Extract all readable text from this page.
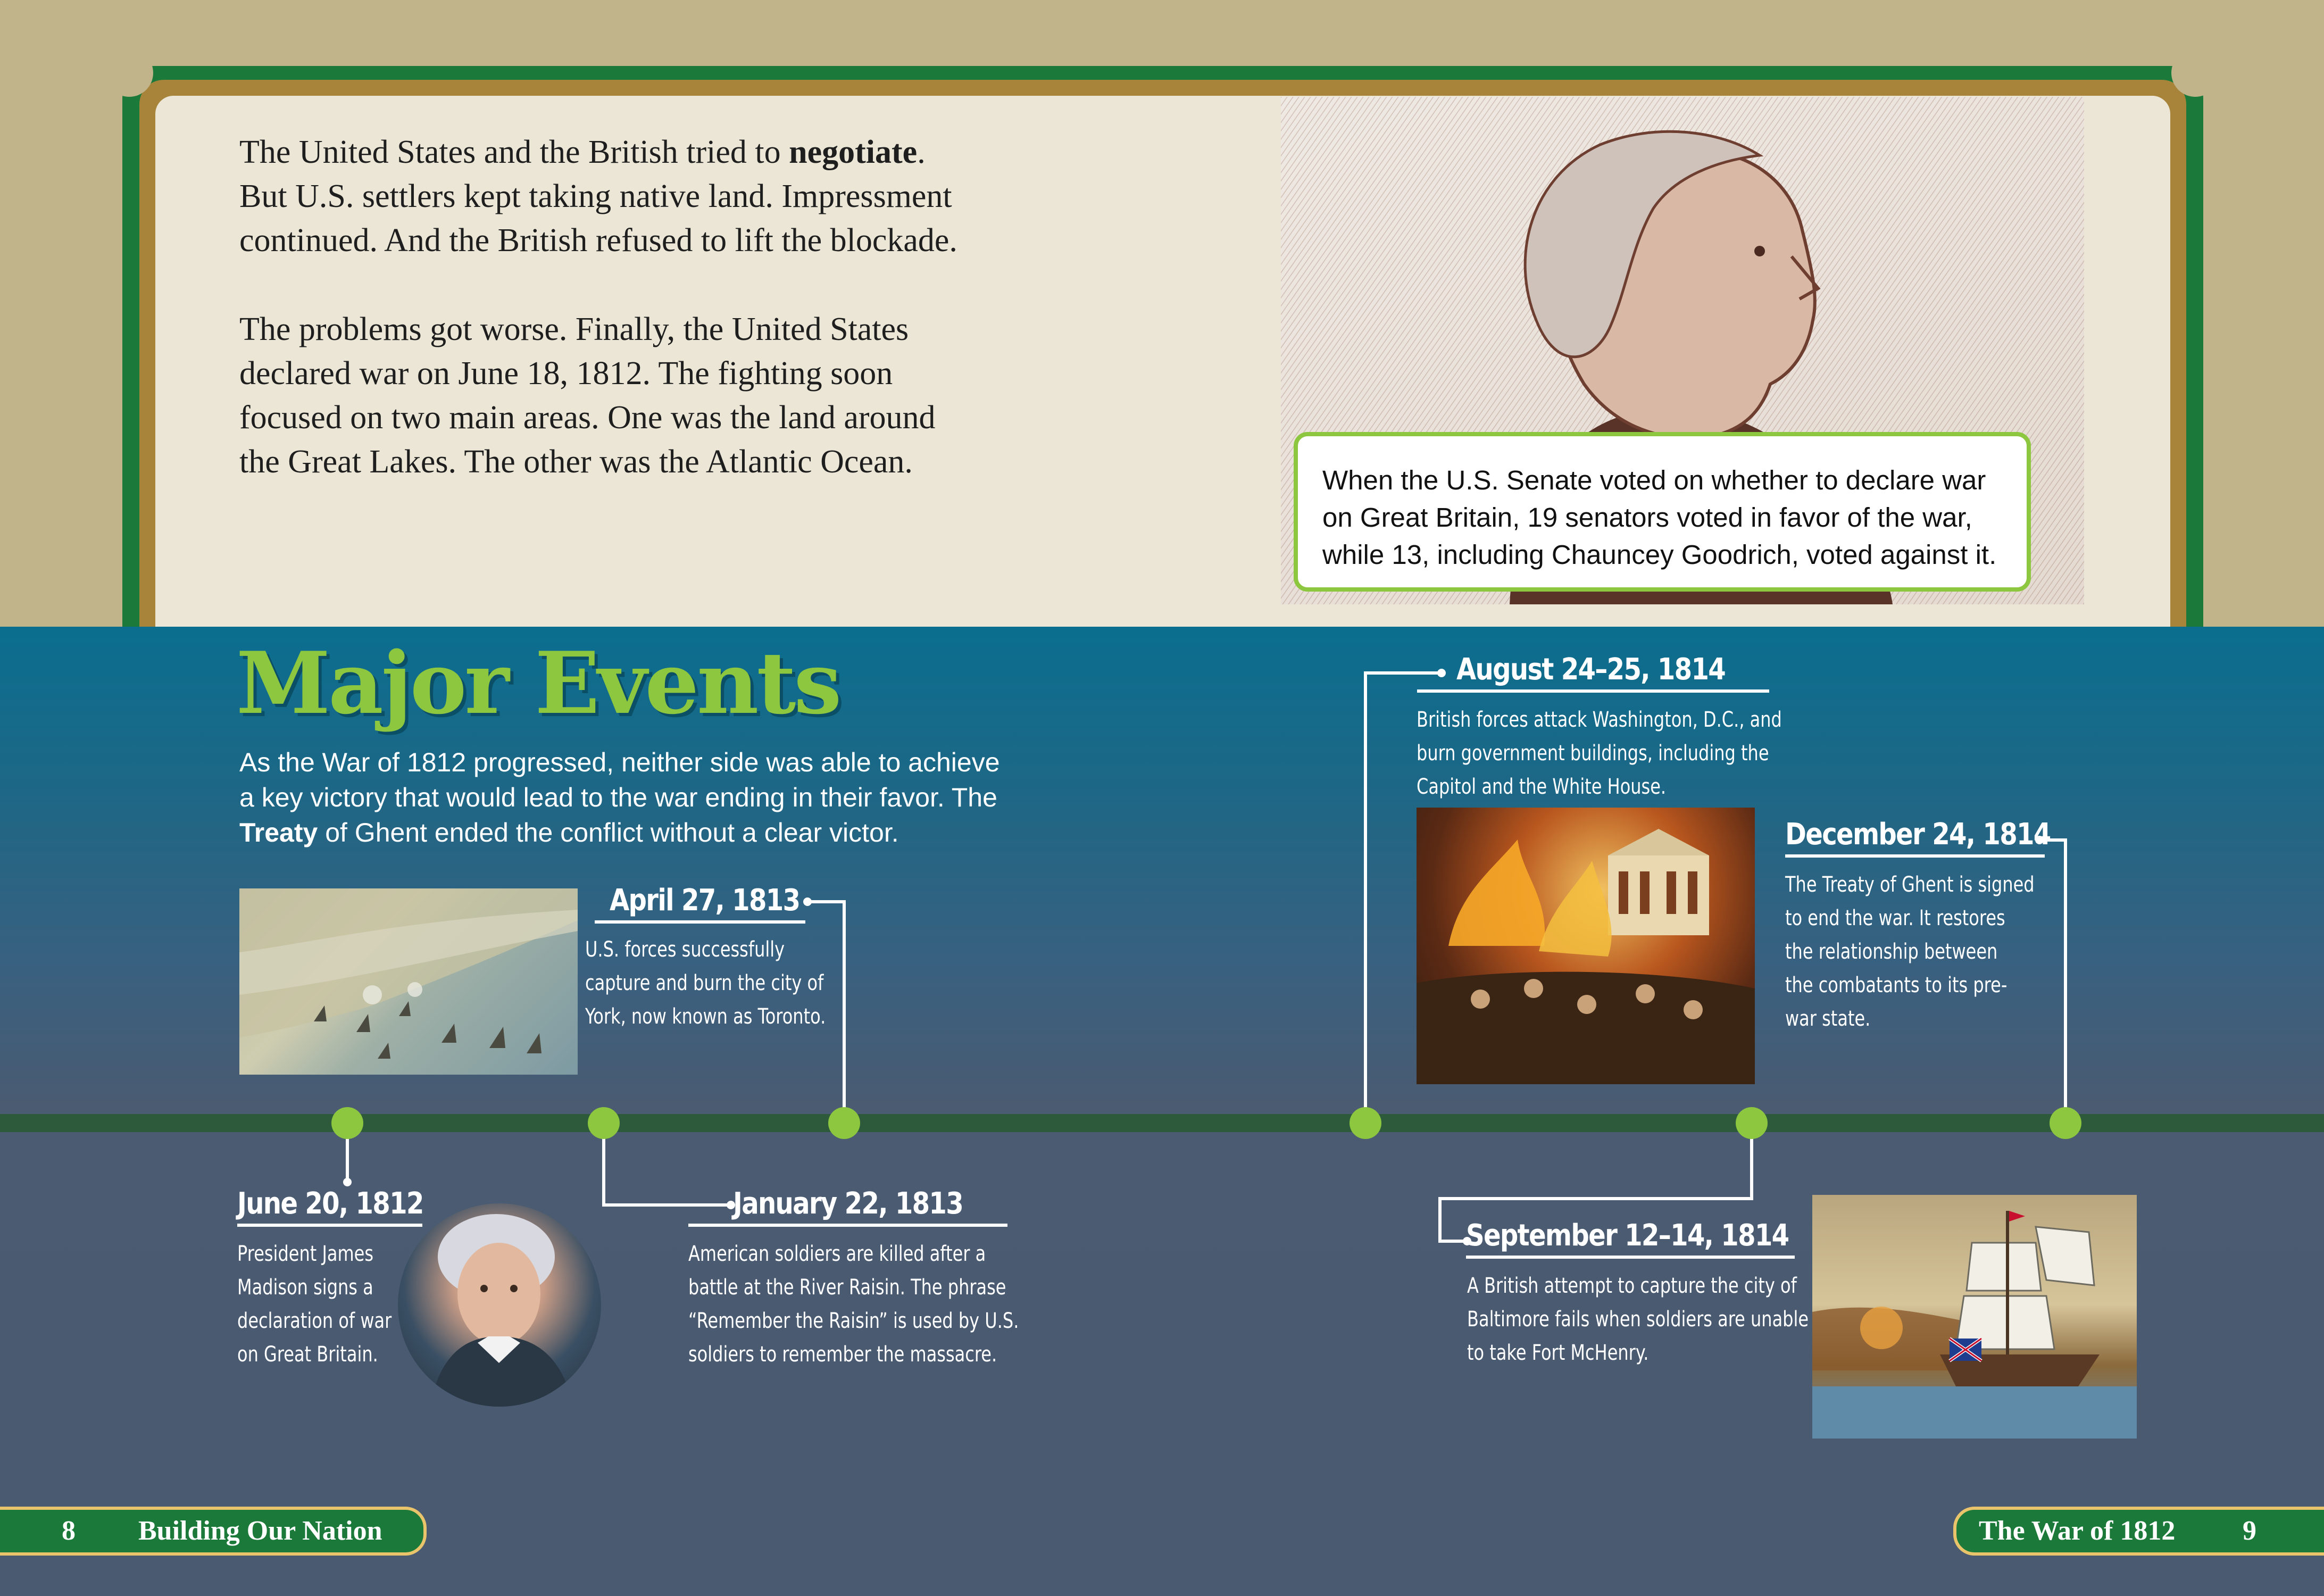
The United States and the British tried to negotiate. But U.S. settlers kept taking native land. Impressment continued. And the British refused to lift the blockade.

The problems got worse. Finally, the United States declared war on June 18, 1812. The fighting soon focused on two main areas. One was the land around the Great Lakes. The other was the Atlantic Ocean.

When the U.S. Senate voted on whether to declare war on Great Britain, 19 senators voted in favor of the war, while 13, including Chauncey Goodrich, voted against it.
Major Events
As the War of 1812 progressed, neither side was able to achieve a key victory that would lead to the war ending in their favor. The Treaty of Ghent ended the conflict without a clear victor.
April 27, 1813
U.S. forces successfully
capture and burn the city of
York, now known as Toronto.
June 20, 1812
President James
Madison signs a
declaration of war
on Great Britain.
January 22, 1813
American soldiers are killed after a
battle at the River Raisin. The phrase
“Remember the Raisin” is used by U.S.
soldiers to remember the massacre.
August 24–25, 1814
British forces attack Washington, D.C., and
burn government buildings, including the
Capitol and the White House.
December 24, 1814
The Treaty of Ghent is signed
to end the war. It restores
the relationship between
the combatants to its pre-
war state.
September 12–14, 1814
A British attempt to capture the city of
Baltimore fails when soldiers are unable
to take Fort McHenry.
8 Building Our Nation	The War of 1812 9
